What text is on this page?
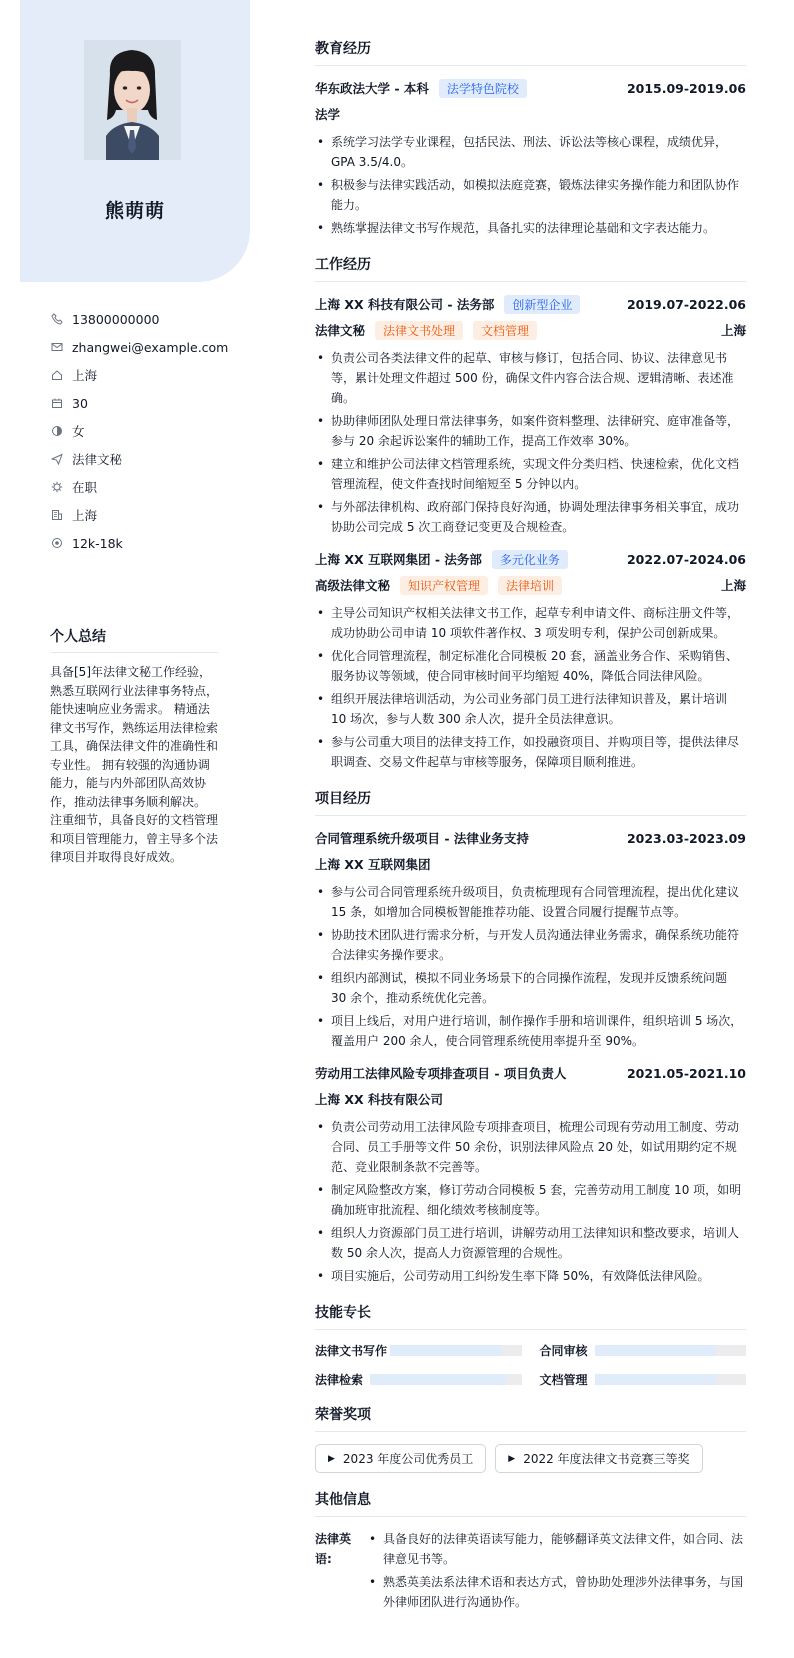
熊萌萌
13800000000
zhangwei@example.com
上海
30
女
法律文秘
在职
上海
12k-18k
个人总结

具备[5]年法律文秘工作经验，熟悉互联网行业法律事务特点，能快速响应业务需求。 精通法律文书写作，熟练运用法律检索工具，确保法律文件的准确性和专业性。 拥有较强的沟通协调能力，能与内外部团队高效协作，推动法律事务顺利解决。 注重细节，具备良好的文档管理和项目管理能力，曾主导多个法律项目并取得良好成效。

教育经历
华东政法大学 - 本科	法学特色院校	2015.09-2019.06
法学
• 系统学习法学专业课程，包括民法、刑法、诉讼法等核心课程，成绩优异，GPA 3.5/4.0。
• 积极参与法律实践活动，如模拟法庭竞赛，锻炼法律实务操作能力和团队协作能力。
• 熟练掌握法律文书写作规范，具备扎实的法律理论基础和文字表达能力。
工作经历
上海 XX 科技有限公司 - 法务部	创新型企业	2019.07-2022.06
法律文秘	法律文书处理	文档管理	上海
• 负责公司各类法律文件的起草、审核与修订，包括合同、协议、法律意见书等，累计处理文件超过 500 份，确保文件内容合法合规、逻辑清晰、表述准确。
• 协助律师团队处理日常法律事务，如案件资料整理、法律研究、庭审准备等，参与 20 余起诉讼案件的辅助工作，提高工作效率 30%。
• 建立和维护公司法律文档管理系统，实现文件分类归档、快速检索，优化文档管理流程，使文件查找时间缩短至 5 分钟以内。
• 与外部法律机构、政府部门保持良好沟通，协调处理法律事务相关事宜，成功协助公司完成 5 次工商登记变更及合规检查。
上海 XX 互联网集团 - 法务部	多元化业务	2022.07-2024.06
高级法律文秘	知识产权管理	法律培训	上海
• 主导公司知识产权相关法律文书工作，起草专利申请文件、商标注册文件等，成功协助公司申请 10 项软件著作权、3 项发明专利，保护公司创新成果。
• 优化合同管理流程，制定标准化合同模板 20 套，涵盖业务合作、采购销售、服务协议等领域，使合同审核时间平均缩短 40%，降低合同法律风险。
• 组织开展法律培训活动，为公司业务部门员工进行法律知识普及，累计培训 10 场次，参与人数 300 余人次，提升全员法律意识。
• 参与公司重大项目的法律支持工作，如投融资项目、并购项目等，提供法律尽职调查、交易文件起草与审核等服务，保障项目顺利推进。
项目经历
合同管理系统升级项目 - 法律业务支持	2023.03-2023.09
上海 XX 互联网集团
• 参与公司合同管理系统升级项目，负责梳理现有合同管理流程，提出优化建议 15 条，如增加合同模板智能推荐功能、设置合同履行提醒节点等。
• 协助技术团队进行需求分析，与开发人员沟通法律业务需求，确保系统功能符合法律实务操作要求。
• 组织内部测试，模拟不同业务场景下的合同操作流程，发现并反馈系统问题 30 余个，推动系统优化完善。
• 项目上线后，对用户进行培训，制作操作手册和培训课件，组织培训 5 场次，覆盖用户 200 余人，使合同管理系统使用率提升至 90%。
劳动用工法律风险专项排查项目 - 项目负责人	2021.05-2021.10
上海 XX 科技有限公司
• 负责公司劳动用工法律风险专项排查项目，梳理公司现有劳动用工制度、劳动合同、员工手册等文件 50 余份，识别法律风险点 20 处，如试用期约定不规范、竞业限制条款不完善等。
• 制定风险整改方案，修订劳动合同模板 5 套，完善劳动用工制度 10 项，如明确加班审批流程、细化绩效考核制度等。
• 组织人力资源部门员工进行培训，讲解劳动用工法律知识和整改要求，培训人数 50 余人次，提高人力资源管理的合规性。
• 项目实施后，公司劳动用工纠纷发生率下降 50%，有效降低法律风险。
技能专长
法律文书写作	合同审核
法律检索	文档管理
荣誉奖项
▶ 2023 年度公司优秀员工	▶ 2022 年度法律文书竞赛三等奖
其他信息
法律英语:
• 具备良好的法律英语读写能力，能够翻译英文法律文件，如合同、法律意见书等。
• 熟悉英美法系法律术语和表达方式，曾协助处理涉外法律事务，与国外律师团队进行沟通协作。
